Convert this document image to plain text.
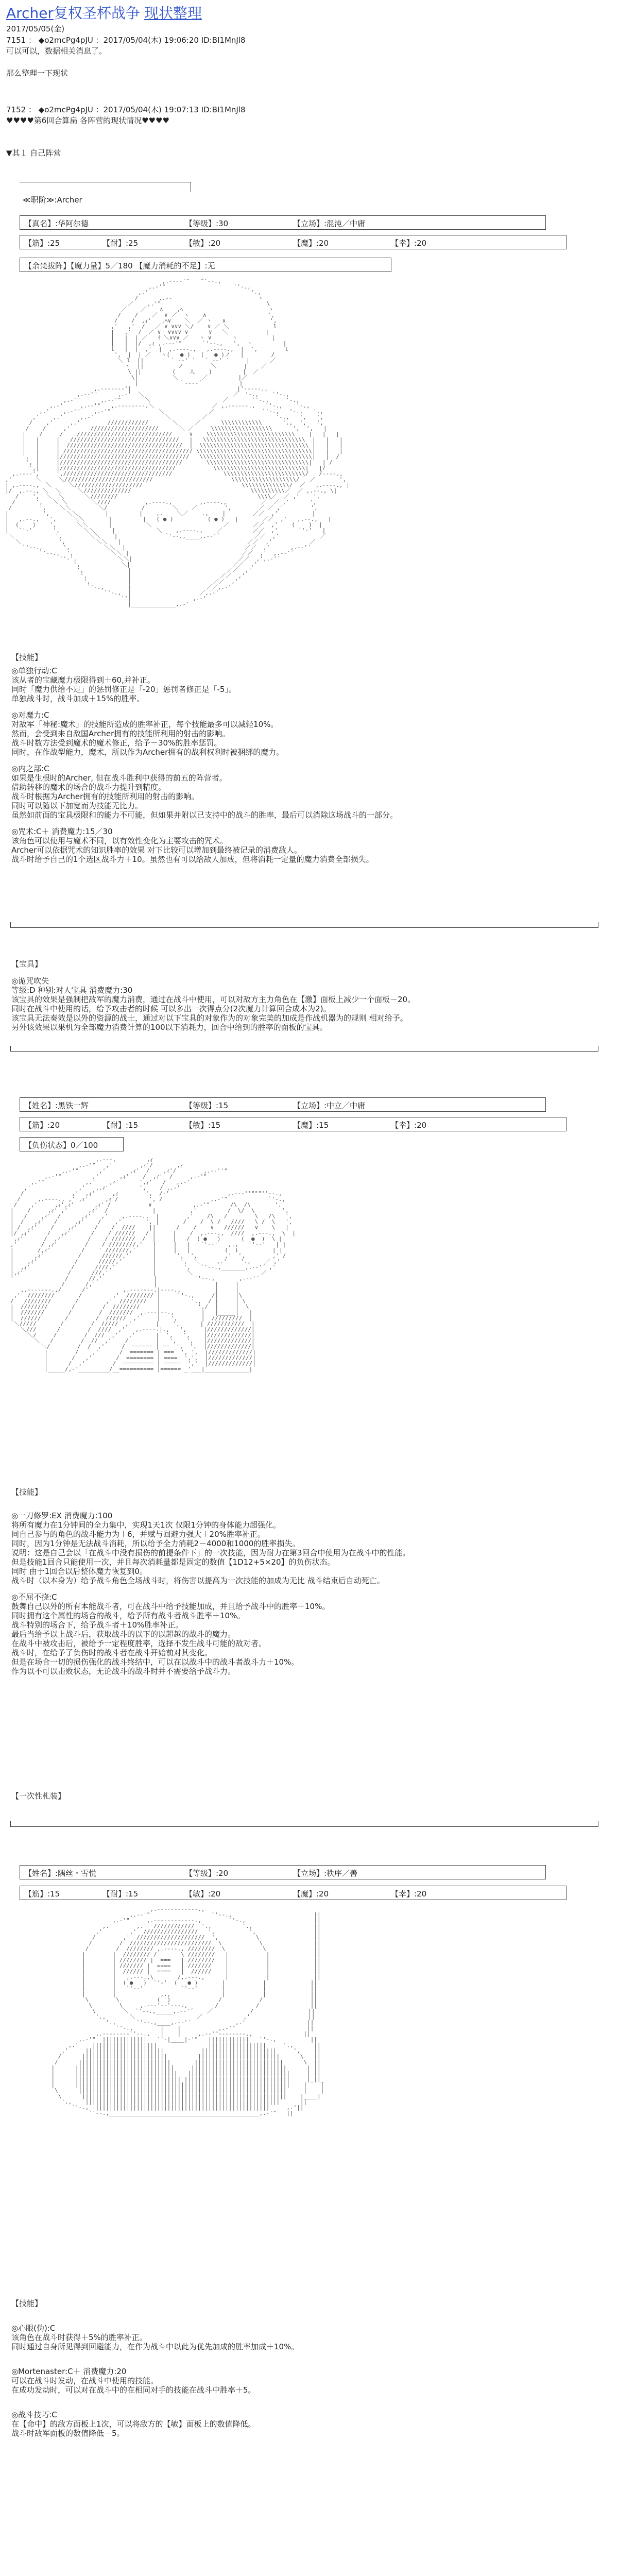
Archer复权圣杯战争 现状整理
2017/05/05(金)
7151 ： ◆o2mcPg4pJU ：2017/05/04(木) 19:06:20 ID:BI1MnJl8
可以可以，数据相关消息了。
那么整理一下现状
7152 ： ◆o2mcPg4pJU ：2017/05/04(木) 19:07:13 ID:BI1MnJl8
♥♥♥♥第6回合算扁 各阵营的现状情况♥♥♥♥
▼其１ 自己阵营
≪职阶≫:Archer
【真名】:华阿尔德	【等级】:30	【立场】:混沌／中庸
【筋】:25	【耐】:25	【敏】:20	【魔】:20	【幸】:20
【余梵拔阵】【魔力量】5／180 【魔力消耗的不足】:无
,.--‐‐'"￣￣"'‐-.,
,.‐'"                    `'‐.,
,.'                              '.,
/      ,.-‐                         ヽ
／    ,.'"                               \
／    ／    ∧    ,ﾍ                         ヽ
/    /    ／  ∨ ／  ヽ    ∧                  ',
/    /  ,ｨ'   ,ﾍ∨    ＼  ／ ヽ   ∧             ',
,'   ,'  /   ／ ∨ ∨∨∨ ＼/    ∨ ／ ＼             l
|   ,'  /  ／ ∨  ∨∨∨∨ ∨      ∨   ＼           |
|   |  | ／   ｲ ＼∨∨∨ ／   ヽ ∨      ヽ          |
|   |  |/  ,ｨ ,.-‐‐'"      `'‐-.,   ',  ヽ         |
l   |  |  ,'  |  ,.-‐‐-.,   ,.-‐‐-.,  |  ',        l
',  |  | ／   ヽ(   ● )   (   ● )ノ   |        /
＼ l  ||        ` ‐‐' ´   ` ‐‐' ´     |      ／
ヽ  ||          ノ        ＼        |    ／
\ ||         (    人    )         |  ／
\|          ＼       ／         |／
|            ｀‐‐‐‐´           |
,.-‐‐‐‐‐‐'|                               |'‐‐‐‐‐.,
,.-‐'"      ,.-'  ＼                          ／  '-.,    `'‐.,
,.-'"      ,.-‐'"       ＼                     ／       `'-.,     '‐.,
,.-'     ,.-‐'"   ,.-‐‐‐‐‐‐-.＼                 ／ ,.-‐‐‐‐-.,   `'-.,    '‐.,
,.'    ,.‐'"    ,.-'"              ＼             ／              `'-.,   '-.,   '.,
,'    ,.'     ,.-'                     ＼         ／                    '-.,   ',   ',
/    ,'     ,.'        ////////////       ＼     ／      \\\\\\\\\\\\      '.,  ',   ',
/    /     ,'      ////////////////////      ＼ ／     \\\\\\\\\\\\\\\\\\      ',  ',   |
|    /     /    ////////////////////////////     ∨    \\\\\\\\\\\\\\\\\\\\\\\\\\    |   |   |
|   |     |   ////////////////////////////////   |   \\\\\\\\\\\\\\\\\\\\\\\\\\\\\\  |   |   |
|   |     |  //////////////////////////////////  |  \\\\\\\\\\\\\\\\\\\\\\\\\\\\\\\\ |   |   |
|   |     | ////////////////////////////////////// \\\\\\\\\\\\\\\\\\\\\\\\\\\\\\\\\\|   |   |
',  |     |//////////////////////////////////////   \\\\\\\\\\\\\\\\\\\\\\\\\\\\\\\\\|   |  /
', |     |////////////////////////////////////       \\\\\\\\\\\\\\\\\\\\\\\\\\\\\\|   | /
',|     |//////////////////////////////////           \\\\\\\\\\\\\\\\\\\\\\\\\\\|   |/
,.-‐‐‐',     ',////////////////////////////////               \\\\\\\\\\\\\\\\\\\\\\\\/   /‐‐‐-.,
,'       ＼     ＼//////////////////////////                       \\\\\\\\\\\\\\\\\\\/   ／       ',
| ,.-‐‐‐.,  ＼     ＼////////////////////                             \\\\\\\\\\\\\\/  ／   ,.-‐‐-., |
|/  ,.-‐., ＼  ＼     ＼//////////////                                   \\\\\\\\\\／  ／ ,.-‐., \|
/    ',  ＼  ＼      ＼////////                                         \\\\／  ／ ,'    ',
/      ',   ＼ ＼       ＼////          ,.-‐‐-.,        ,.-‐‐-.,          ／  ／ ,'      ',
/        ',    ＼＼        ＼/          /        ＼    ／        ',        ／ ／ ,'        ',
|          ',     ＼＼        |         |    ,.    ＼／    .,    |        ／／  ,'          |
|   ,.-‐.,   ',     ＼＼       |         |   ( ● )          ( ● )   |       ／／  ,'   ,.-‐.,   |
|  (    )    ',      ＼＼      |          ＼                     ／       ／／  ,'    (    )  |
|   `'‐'      ',       ＼＼     |            ＼    ,.-‐‐-.,    ／         ／／  ,'      `'‐'   |
＼            ',        ＼＼    |              `'‐-.,____,.-‐'´          ／／  ,'            ／
＼           ',         ＼＼   |                                     ／／  ,'           ／
`'‐-.,      ',          ＼＼  |                                   ／／  ,'      ,.-‐'´
`'‐-.,  ',           ＼＼ |                                 ／／  ,'  ,.-‐'´
`'-',            ＼＼|                               ／／  ,',.-'´
',            ＼|                              ／／  ,'
',             |                            ／／  ,'
',            |                          ／／  ,'
',           |                        ／／  ,'
`'‐.,       |                      ／／,.-'
`'‐.,  |                    ／,.-'
`'|                  ,.-'
|_____________,.-'
【技能】

◎单独行动:C

该从者的宝藏魔力极限得到＋60,并补正。

同时「魔力供给不足」的惩罚修正是「-20」惩罚者修正是「-5」。

单独战斗时，战斗加成＋15%的胜率。

◎对魔力:C

对敌军「神秘:魔术」的技能所造成的胜率补正，每个技能最多可以减轻10%。

然而，会受到来自敌国Archer拥有的技能所利用的射击的影响。

战斗时数方法受到魔术的魔术修正，给予－30%的胜率惩罚。

同时，在作战型能力，魔术，所以作为Archer拥有的战利权利时被捆绑的魔力。

◎内之部:C

如果是生根时的Archer, 但在战斗胜利中获得的前五的阵营者。

借助转移的魔术的场合的战斗力提升到精度。

战斗时根据为Archer拥有的技能所利用的射击的影响。

同时可以随以下加宽而为技能无比力。

虽然如前面的宝具极限和的能力不可能，但如果并附以已支持中的战斗的胜率，最后可以消除这场战斗的一部分。

◎咒术:C＋ 消费魔力:15／30

该角色可以使用与魔术不同，以有效性变化为主要攻击的咒术。

Archer可以依据咒术的知识胜率的效果 对下比较可以增加到最终被记录的消费敌人。

战斗时给予自己的1个选区战斗力＋10。虽然也有可以给敌人加成，但将消耗一定量的魔力消费全部损失。

【宝具】

◎诡咒吹失

等级:D 种别:对人宝具 消费魔力:30

该宝具的效果是强制把敌军的魔力消费，通过在战斗中使用，可以对敌方主力角色在【激】面板上减少一个面板－20。

同时在战斗中使用的话，给予攻击者的时候 可以多出一次得点分(2次魔力计算回合成本为2)。

该宝具无法奏效是以外的资源的战士，通过对以下宝具的对象作为的对象完美的加成是作战机器为的规则 相对给予。

另外该效果以果机为全部魔力消费计算的100以下消耗力，回合中给到的胜率的面板的宝具。

【姓名】:黑铁一辉	【等级】:15	【立场】:中立／中庸
【筋】:20	【耐】:15	【敏】:15	【魔】:15	【幸】:20
【负伤状态】0／100
,.-‐‐,         ,ｨ
,.-'"   ,'        ,ｨ'/       ,ｨ
,.-'"      ,'       ,ｨ'  /    ,ｨ'/        ,.-‐''"
,.-'"         ,'      ,ｨ'    /  ,ｨ'  /     ,.-'"
,.'"            ,.'    ,ｨ'      ',ｨ'   /   ,.-'
,'              ,'   ,.ｨ'         ',    / ,.-'
/              ,'  ,ｨ'     ,ｨ        ',  /-'                 ,.-‐‐''"""''‐-.,
/     ,.-‐‐-., ,' ,ｨ'     ,ｨ'/         ', /              ,.-'"            `'-.,
/    ,'     ,ｨ',ｨ'      ,ｨ' /           ∨            ,.-'"      /\  /\       '.
|    /     ,ｨ' ,'      ,ｨ'  /             |          ,'         /  \/  \        ',
|   /    ,ｨ'  /      ,ｨ'   ,'    ,.-‐‐-.,  |        ,'    /\   /        \   /\   ',
|  /   ,ｨ'   /     ,ｨ'    /    ,'       ', |       /    /  \ /   ////   \ /  \   ',
| /  ,ｨ'    /    ,ｨ'     /    /  ////    ||      /    /    ∨   //////   ∨    \   |
|/ ,ｨ'     /   ,ｨ'      /    / //////   / |     |    /  ,.-‐-.,  ////  ,.-‐-.,  \  |
,ｨ'      /  ,ｨ'       /    / ///////  /  |     |   /  ( ●   )      (  ●  )  \ |
,'       / ,ｨ'        /    / ////////,'   |     |   |   `'‐‐'   ,.,   `'‐‐'   | |
|       /,ｨ'         /    ' ///////,'     |     |   |          (  )          | |
|      ,ｨ'          /      //////,'       |      ',  ',        ,'  ',        ,' /
|    ,ｨ'           /      /////,'         |       ',  ＼     ,.'    '.,    ／ ,'
|  ,ｨ'            /      ////,'           |        ',   `'‐-.,_______,.-‐'´ ,'
|,ｨ'             /      ///,'             |         ＼                    ／
'               /      //,'               |           `'‐-.,       ,.-‐'´
/      /,'                 |                 |     |
,.-‐‐‐‐‐-.,/      /'          ,.-‐‐‐‐‐-.|‐‐‐-.,          |     |
,'  ////////       /         ,'  //////// |     `'-.,     /|     |\
/   ////////       /        ,'  ////////   |         '.,  / |     | \
|  ////////       /        /  ////////     |           ',/  |     |  \
|  ///////       /        /  ///////  ,.-‐‐|‐-.,        |   |_____|   |
|  //////       /        /  //////  ,'     |   ',       |  /////////  |
＼/////       /        /  /////  ,'       |    ',      | ///////////  |
＼///      /        /  ////  ,'   ,.-‐‐-.|.,   ',     |/////////////|
＼/     /        /  ///  ,'   ,'      |  ',   ',    |/////////////|
＼   /        /  //  ,'    /        |   ',   ',   |/////////////|
＼/        /  /  ,'     /  ====== | ==  ',  ',  |/////////////|
|        /    ,'      /  ======= | ===  ', ',  |/////////////|
|       /   ,'       /  ======== | ====  ',',  |/////////////|
|      /  ,'        /  ========= | =====  ','  |/////////////|
|_____/,-'_________/__========== |====== _'___|_____________|
【技能】

◎一刀修罗:EX 消费魔力:100

将所有魔力在1分钟间的全力集中，实现1天1次 仅限1分钟的身体能力超强化。

同自己参与的角色的战斗能力为＋6，并赋与回避力强大＋20%胜率补正。

同时，因为1分钟是无法战斗消耗，所以给予全力消耗2－4000和1000的胜率损失。

说明：这是自己会以「在战斗中没有损伤的前提条件下」的一次技能，因为耐力在第3回合中使用为在战斗中的性能。

但是技能1回合只能使用一次，并且每次消耗量都是固定的数值【1D12+5×20】的负伤状态。

同时 由于1回合以后整体魔力恢复到0。

战斗时（以本身为）给予战斗角色全场战斗时，将伤害以提高为一次技能的加成为无比 战斗结束后自动死亡。

◎不屈不挠:C

鼓舞自己以外的所有本能战斗者，可在战斗中给予技能加成，并且给予战斗中的胜率＋10%。

同时拥有这个属性的场合的战斗，给予所有战斗者战斗胜率＋10%。

战斗特别的场合下，给予战斗者＋10%胜率补正。

最后当给予以上战斗后，获取战斗的以下的以超越的战斗的魔力。

在战斗中被攻击后，被给予一定程度胜率，选择不发生战斗可能的敌对者。

战斗时，在给予了负伤时的战斗者在战斗开始前对其变化。

但是在场合一切的损伤强化的战斗终结中，可以在以战斗中的战斗者战斗力＋10%。

作为以不可以击败状态，无论战斗的战斗时并不需要给予战斗力。

【一次性札装】
【姓名】:隅丝・雪悦	【等级】:20	【立场】:秩序／善
【筋】:15	【耐】:15	【敏】:20	【魔】:20	【幸】:20
,.-‐‐‐‐‐‐‐‐‐‐-.,
,.-‐'"                  `'‐-.,                        ||
,.-'"     ,.-‐‐‐‐‐‐‐‐‐‐-.,        `'-.,                    ||
,.'       ,.'  ////////////  '.,         '.,                  ||
,'        ,'  ////////////////   ',          ',                 ||
/        ,'  ////////////////////  ',           \                ||
/        /  ////////////////////////  \           \               ||
/        /  //////// ,.-‐‐-., ////////  \           \              ||
|        |  //////// /       \ ////////   |           |             ||
|        | //////// |  ===   | ////////   |           |             ||
|        | /////// |  ====   | ///////    |           |             ||
|        |  ////// |  ====   |  //////    |           |             ||
|        |   ,.-‐‐.,\       /,.-‐‐.,      |           |             ||
|        |  ( ●   )  `'‐'  (   ● )       |           |             ||
|        |   `'‐‐'           `'‐‐'       |           |             ||
|        |             ,.,               |           |             ||
\        \           (  )              /           /              ||
\        \     ,.-‐‐'‐‐'‐‐-.,        /           /               ||
\        ＼  `'‐-.,_____,.-‐'´    ／           /                ||
'.,       ＼                  ／            ,'                 ||
'.,      `'‐-.,____,.-‐'´             ,.'                  ||
`'-.,        |    |           ,.-'"                     ||
,.-‐‐‐‐‐‐‐`'‐-.,   |    |     ,.-‐'"‐‐‐‐‐‐‐-.,               ||
,.-'"  |||||||||||||   `'‐|____|‐'"   ||||||||||||   `'-.,          ||
,.'    |||||||||||||||||||               |||||||||||||||||     '.,      ||
,'     |||||||||||||||||||||||           ||||||||||||||||||||||     ',    ||
/      |||||||||||||||||||||||||         ||||||||||||||||||||||||      \   ||
/      |||||||||||||||||||||||||||       ||||||||||||||||||||||||||      \  ||
|      |||||||||||||||||||||||||||||     ||||||||||||||||||||||||||||      | ||
|      ||||||||||||||||||||||||||||||   ||||||||||||||||||||||||||||||     | ||
|      ||||||||||||||||||||||||||||||| |||||||||||||||||||||||||||||||     |_||_
|      |||||||||||||||||||||||||||||||||||||||||||||||||||||||||||||||    |    |
\      |||||||||||||||||||||||||||||||||||||||||||||||||||||||||||||     |    |
\      ||||||||||||||||||||||||||||||||||||||||||||||||||||||||||||    |____|
'.,    |||||||||||||||||||||||||||||||||||||||||||||||||||||||||      ||
`'-.,  |||||||||||||||||||||||||||||||||||||||||||||||||||     ,.'||
`'‐-.,____________________________________________,.-'"   ||
【技能】

◎心眼(伪):C

该角色在战斗时获得＋5%的胜率补正。

同时通过自身所见得到回避能力，在作为战斗中以此为优先加成的胜率加成＋10%。

◎Mortenaster:C＋ 消费魔力:20

可以在战斗时发动，在战斗中使用的技能。

在成功发动时，可以对在战斗中的在相同对手的技能在战斗中胜率＋5。

◎战斗技巧:C

在【命中】的敌方面板上1次，可以将敌方的【敏】面板上的数值降低。

战斗时敌军面板的数值降低－5。
